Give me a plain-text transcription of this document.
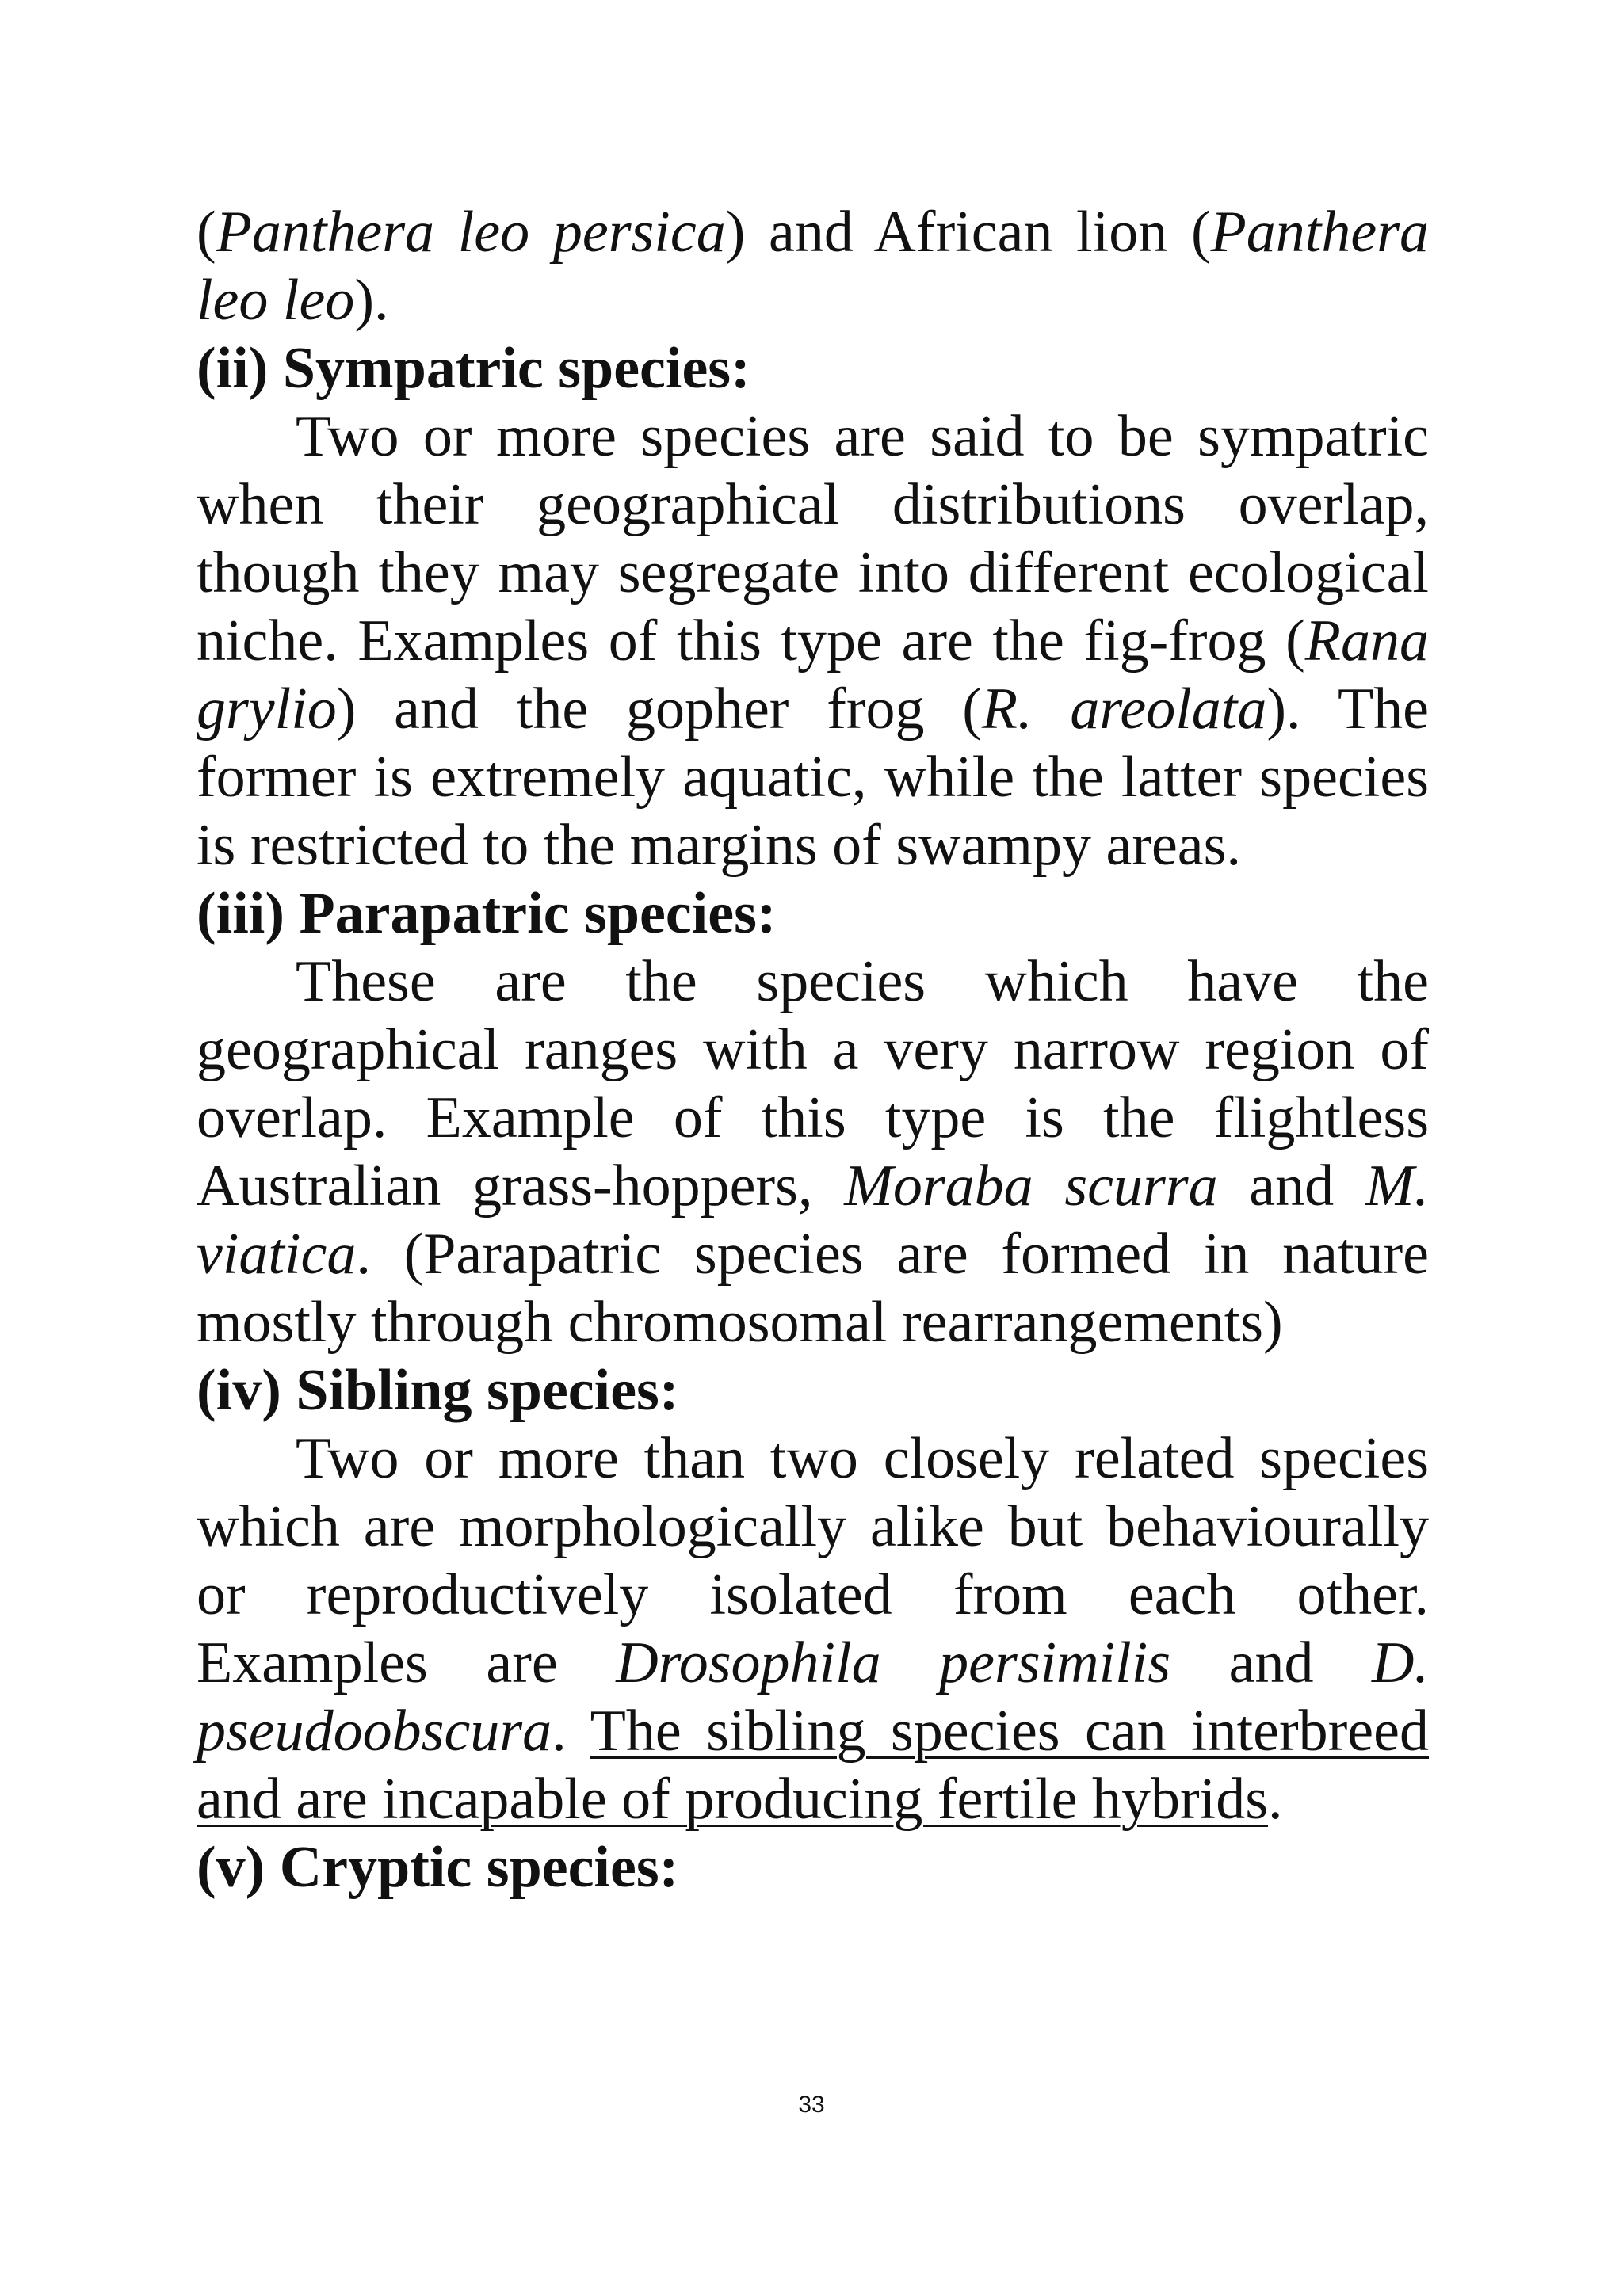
(Panthera leo persica) and African lion (Panthera leo leo).

(ii) Sympatric species:

Two or more species are said to be sympatric when their geographical distributions overlap, though they may segregate into different ecological niche. Examples of this type are the fig-frog (Rana grylio) and the gopher frog (R. areolata). The former is extremely aquatic, while the latter species is restricted to the margins of swampy areas.

(iii) Parapatric species:

These are the species which have the geographical ranges with a very narrow region of overlap. Example of this type is the flightless Australian grass-hoppers, Moraba scurra and M. viatica. (Parapatric species are formed in nature mostly through chromosomal rearrangements)

(iv) Sibling species:

Two or more than two closely related species which are morphologically alike but behaviourally or reproductively isolated from each other. Examples are Drosophila persimilis and D. pseudoobscura. The sibling species can interbreed and are incapable of producing fertile hybrids.

(v) Cryptic species:

33
